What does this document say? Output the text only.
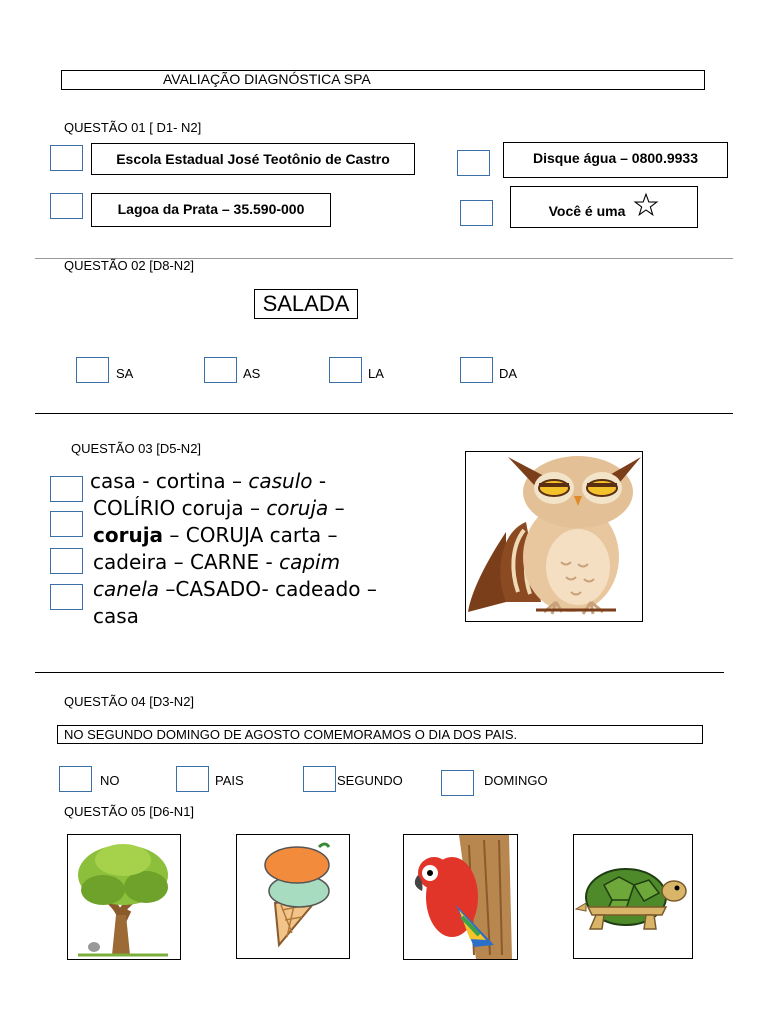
AVALIAÇÃO DIAGNÓSTICA SPA
QUESTÃO 01 [ D1- N2]
Escola Estadual José Teotônio de Castro	Disque água – 0800.9933
Lagoa da Prata – 35.590-000	Você é uma
QUESTÃO 02 [D8-N2]
SALADA
SA	AS	LA	DA
QUESTÃO 03 [D5-N2]
casa - cortina – casulo -
COLÍRIO coruja – coruja –
coruja – CORUJA carta –
cadeira – CARNE - capim
canela –CASADO- cadeado –
casa
QUESTÃO 04 [D3-N2]
NO SEGUNDO DOMINGO DE AGOSTO COMEMORAMOS O DIA DOS PAIS.
NO	PAIS	SEGUNDO	DOMINGO
QUESTÃO 05 [D6-N1]
